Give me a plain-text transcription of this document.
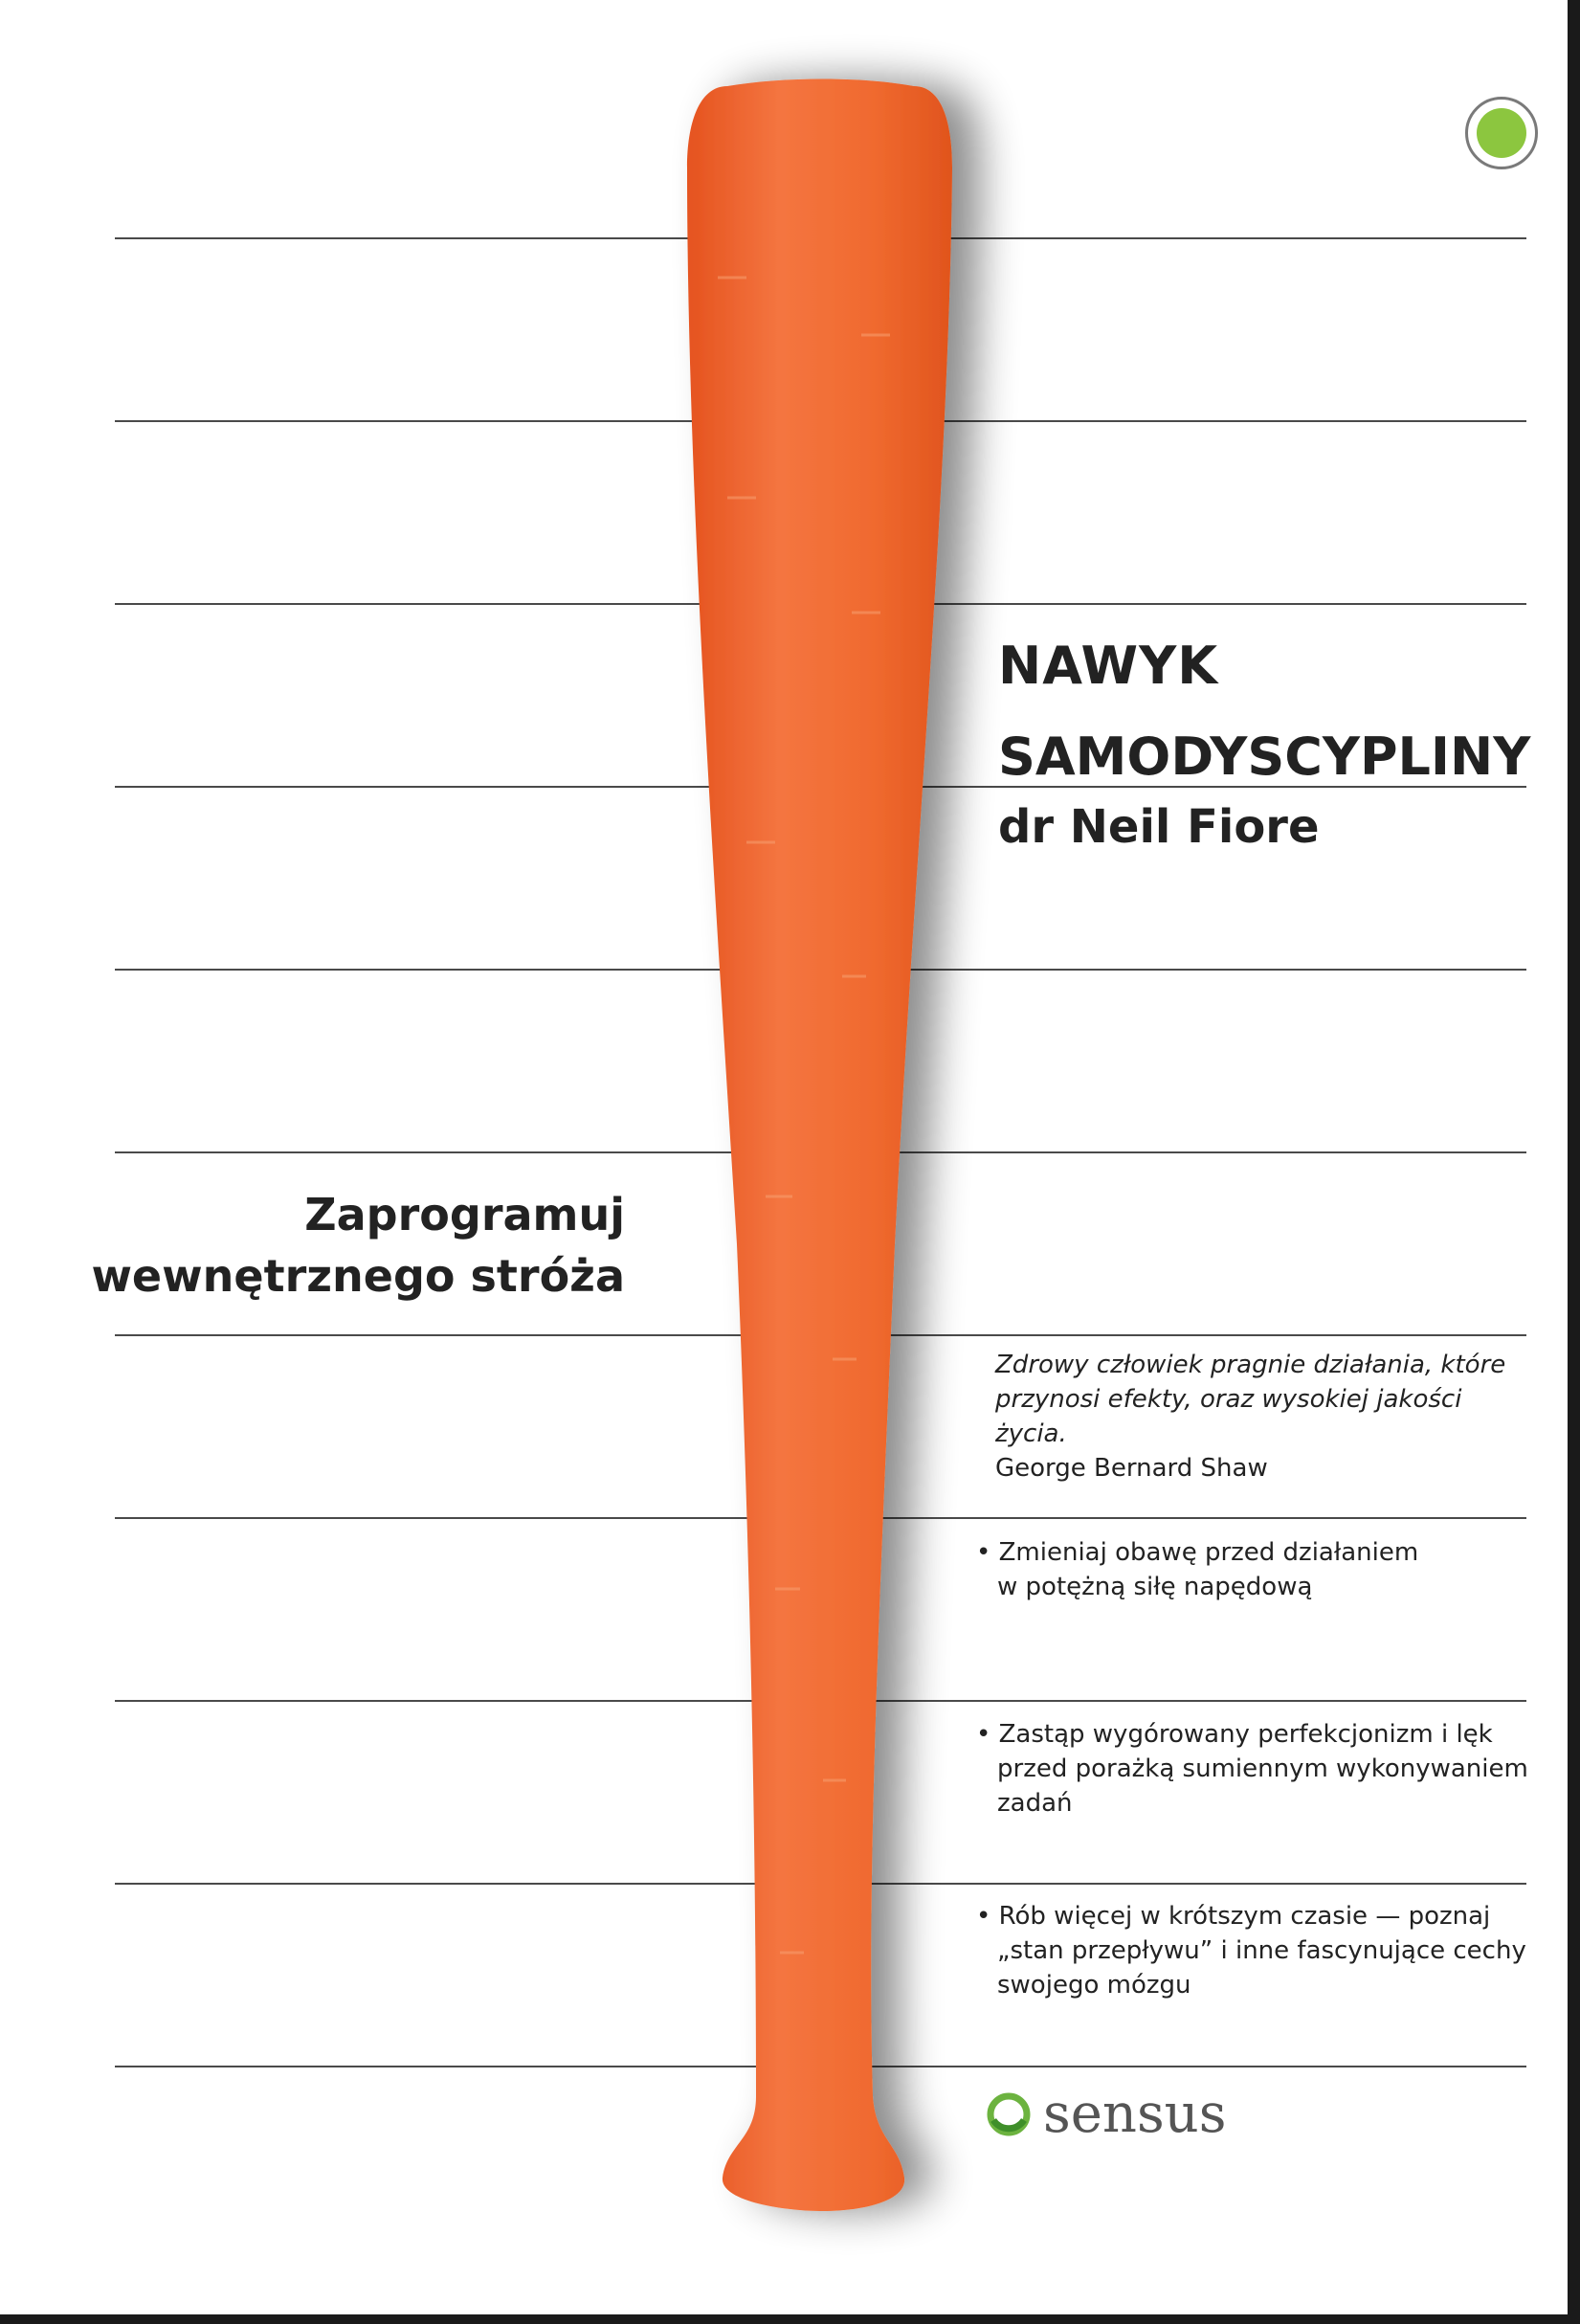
NAWYK
SAMODYSCYPLINY
dr Neil Fiore
Zaprogramuj
wewnętrznego stróża
Zdrowy człowiek pragnie działania, które
przynosi efekty, oraz wysokiej jakości życia.
George Bernard Shaw
• Zmieniaj obawę przed działaniem
w potężną siłę napędową
• Zastąp wygórowany perfekcjonizm i lęk
przed porażką sumiennym wykonywaniem
zadań
• Rób więcej w krótszym czasie — poznaj
„stan przepływu” i inne fascynujące cechy
swojego mózgu
sensus
